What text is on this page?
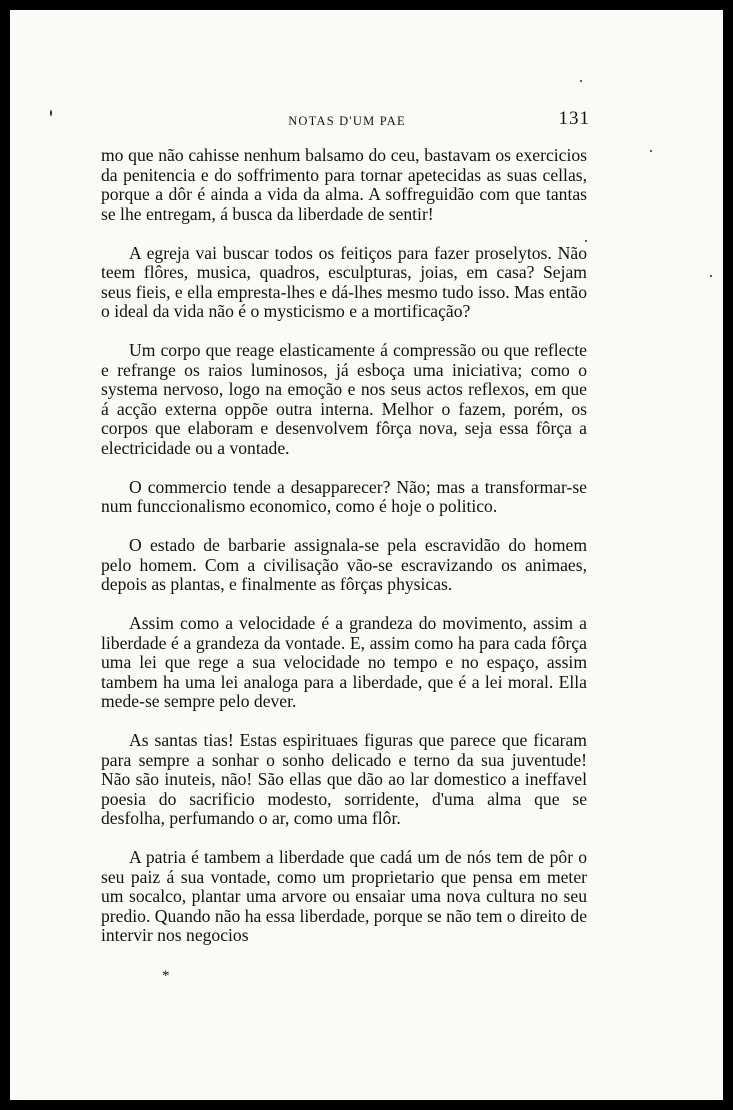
NOTAS D'UM PAE	131

mo que não cahisse nenhum balsamo do ceu, bastavam os exercicios da penitencia e do soffrimento para tornar apetecidas as suas cellas, porque a dôr é ainda a vida da alma. A soffreguidão com que tantas se lhe entregam, á busca da liberdade de sentir!

A egreja vai buscar todos os feitiços para fazer proselytos. Não teem flôres, musica, quadros, esculpturas, joias, em casa? Sejam seus fieis, e ella empresta-lhes e dá-lhes mesmo tudo isso. Mas então o ideal da vida não é o mysticismo e a mortificação?

Um corpo que reage elasticamente á compressão ou que reflecte e refrange os raios luminosos, já esboça uma iniciativa; como o systema nervoso, logo na emoção e nos seus actos reflexos, em que á acção externa oppõe outra interna. Melhor o fazem, porém, os corpos que elaboram e desenvolvem fôrça nova, seja essa fôrça a electricidade ou a vontade.

O commercio tende a desapparecer? Não; mas a transformar-se num funccionalismo economico, como é hoje o politico.

O estado de barbarie assignala-se pela escravidão do homem pelo homem. Com a civilisação vão-se escravizando os animaes, depois as plantas, e finalmente as fôrças physicas.

Assim como a velocidade é a grandeza do movimento, assim a liberdade é a grandeza da vontade. E, assim como ha para cada fôrça uma lei que rege a sua velocidade no tempo e no espaço, assim tambem ha uma lei analoga para a liberdade, que é a lei moral. Ella mede-se sempre pelo dever.

As santas tias! Estas espirituaes figuras que parece que ficaram para sempre a sonhar o sonho delicado e terno da sua juventude! Não são inuteis, não! São ellas que dão ao lar domestico a ineffavel poesia do sacrificio modesto, sorridente, d'uma alma que se desfolha, perfumando o ar, como uma flôr.

A patria é tambem a liberdade que cadá um de nós tem de pôr o seu paiz á sua vontade, como um proprietario que pensa em meter um socalco, plantar uma arvore ou ensaiar uma nova cultura no seu predio. Quando não ha essa liberdade, porque se não tem o direito de intervir nos negocios

*
